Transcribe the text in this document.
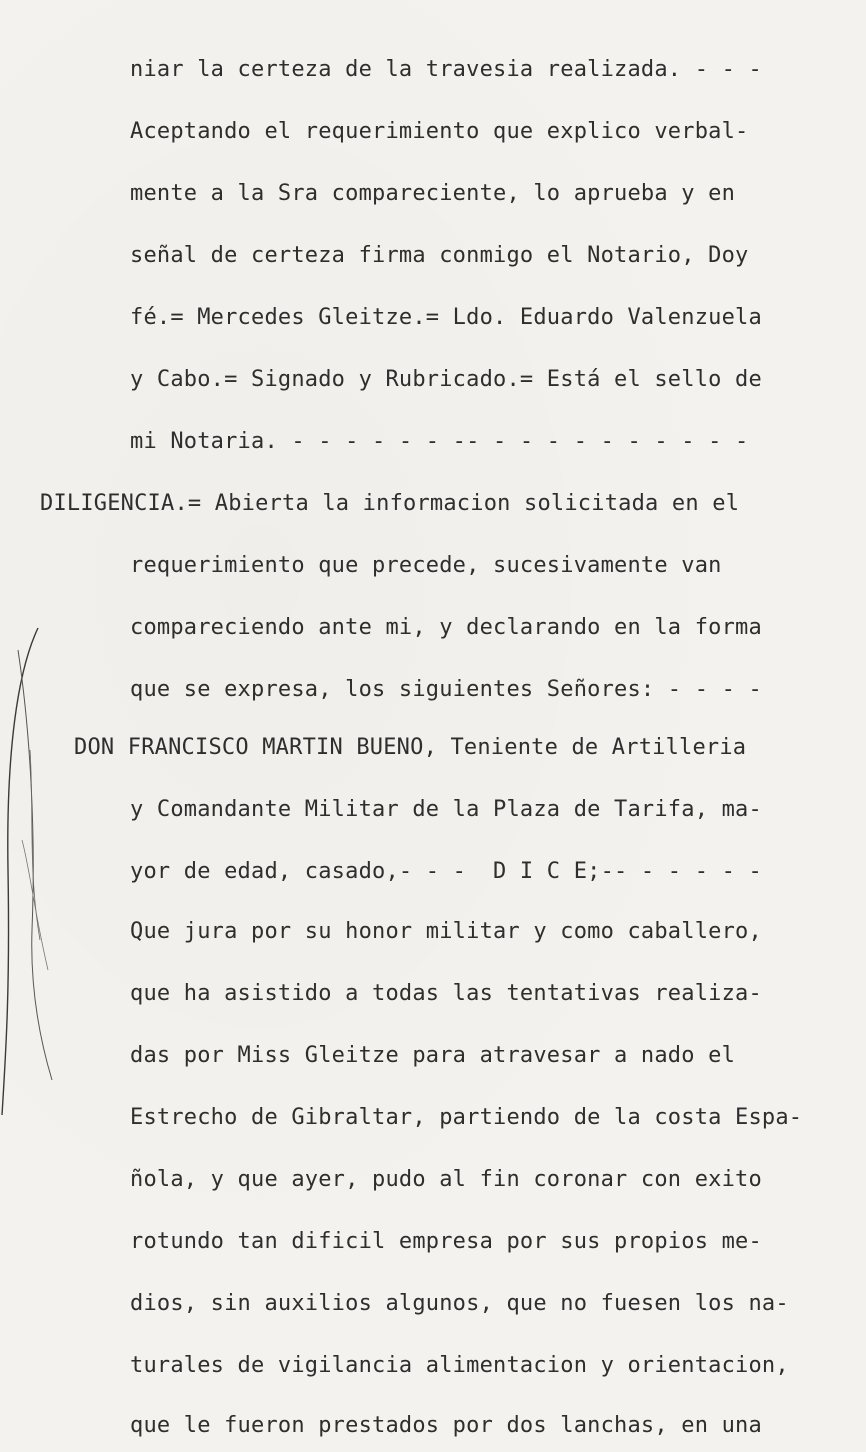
niar la certeza de la travesia realizada. - - -
Aceptando el requerimiento que explico verbal-
mente a la Sra compareciente, lo aprueba y en
señal de certeza firma conmigo el Notario, Doy
fé.= Mercedes Gleitze.= Ldo. Eduardo Valenzuela
y Cabo.= Signado y Rubricado.= Está el sello de
mi Notaria. - - - - - - -- - - - - - - - - - -
DILIGENCIA.= Abierta la informacion solicitada en el
requerimiento que precede, sucesivamente van
compareciendo ante mi, y declarando en la forma
que se expresa, los siguientes Señores: - - - -
DON FRANCISCO MARTIN BUENO, Teniente de Artilleria
y Comandante Militar de la Plaza de Tarifa, ma-
yor de edad, casado,- - -  D I C E;-- - - - - -
Que jura por su honor militar y como caballero,
que ha asistido a todas las tentativas realiza-
das por Miss Gleitze para atravesar a nado el
Estrecho de Gibraltar, partiendo de la costa Espa-
ñola, y que ayer, pudo al fin coronar con exito
rotundo tan dificil empresa por sus propios me-
dios, sin auxilios algunos, que no fuesen los na-
turales de vigilancia alimentacion y orientacion,
que le fueron prestados por dos lanchas, en una
